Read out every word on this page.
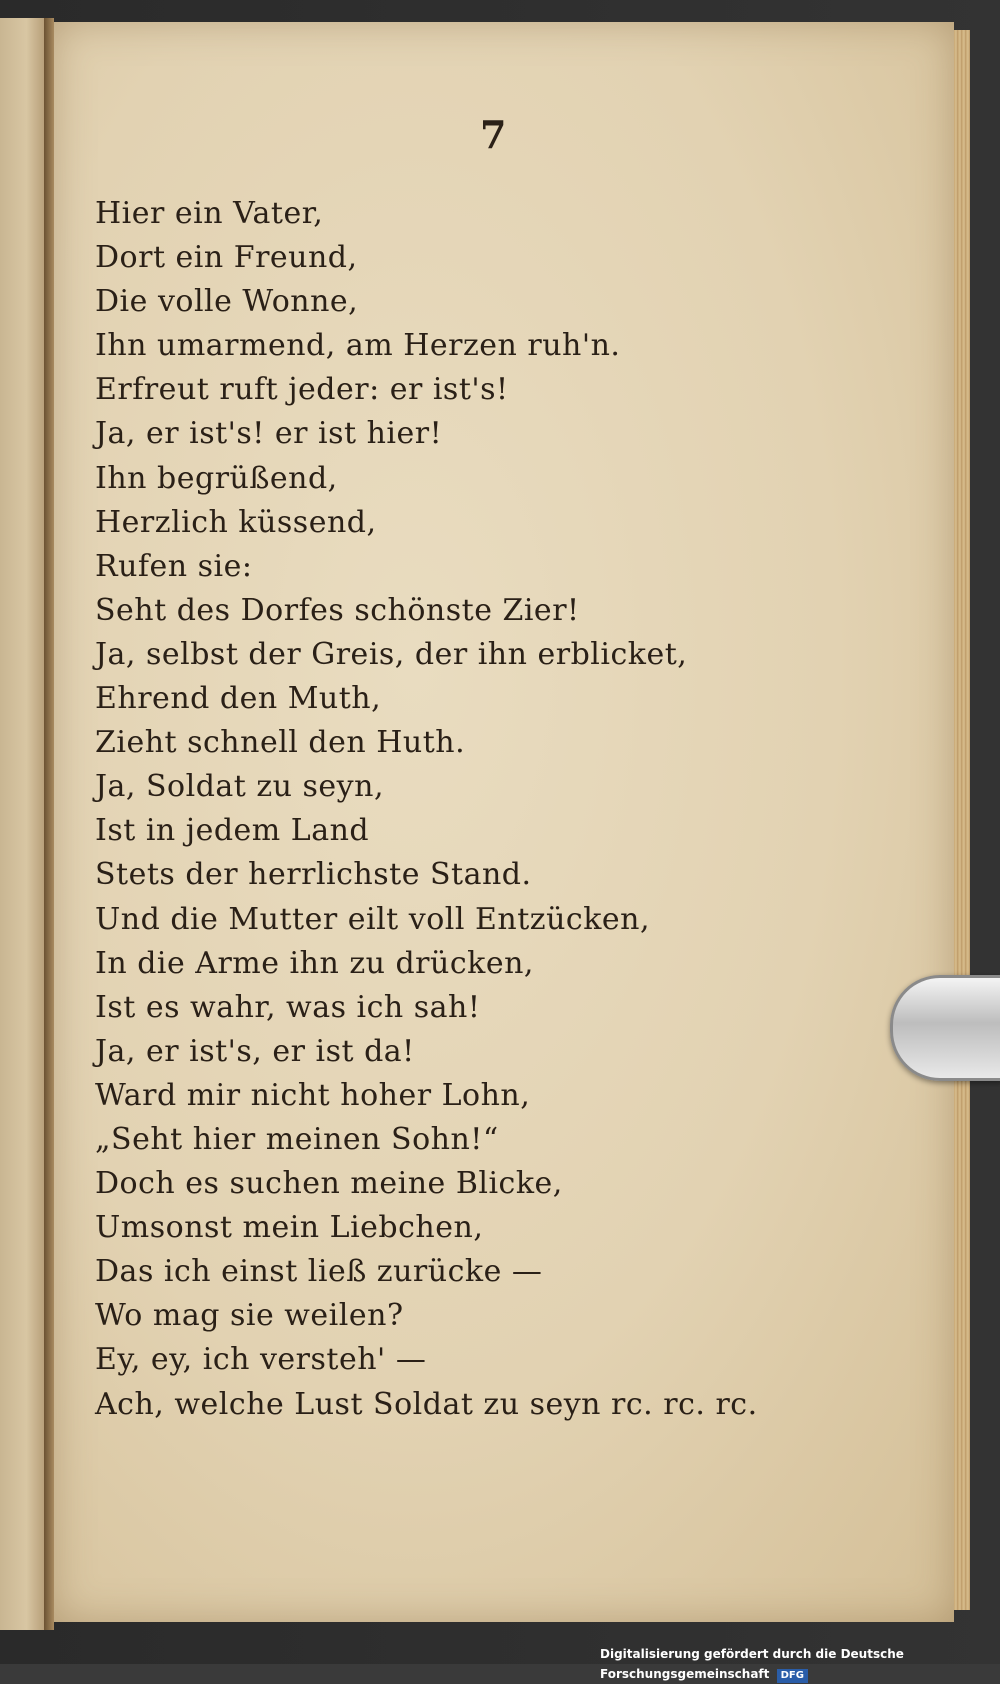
7
Hier ein Vater,
Dort ein Freund,
Die volle Wonne,
Ihn umarmend, am Herzen ruh'n.
Erfreut ruft jeder: er ist's!
Ja, er ist's! er ist hier!
Ihn begrüßend,
Herzlich küssend,
Rufen sie:
Seht des Dorfes schönste Zier!
Ja, selbst der Greis, der ihn erblicket,
Ehrend den Muth,
Zieht schnell den Huth.
Ja, Soldat zu seyn,
Ist in jedem Land
Stets der herrlichste Stand.
Und die Mutter eilt voll Entzücken,
In die Arme ihn zu drücken,
Ist es wahr, was ich sah!
Ja, er ist's, er ist da!
Ward mir nicht hoher Lohn,
„Seht hier meinen Sohn!“
Doch es suchen meine Blicke,
Umsonst mein Liebchen,
Das ich einst ließ zurücke —
Wo mag sie weilen?
Ey, ey, ich versteh' —
Ach, welche Lust Soldat zu seyn rc. rc. rc.
Digitalisierung gefördert durch die Deutsche Forschungsgemeinschaft DFG
